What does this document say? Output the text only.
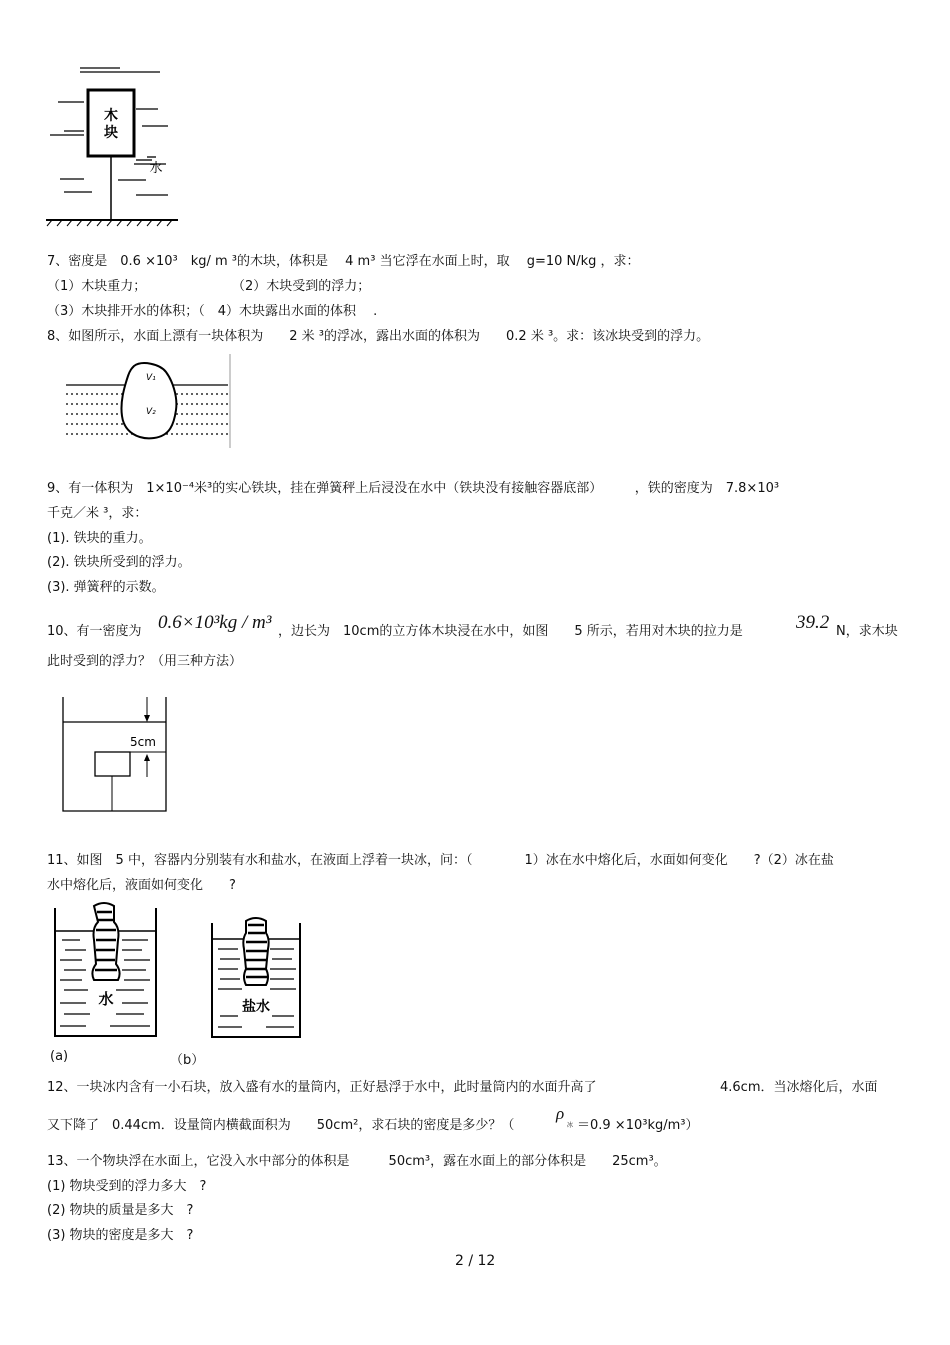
木
块
水
7、密度是　0.6 ×10³　kg/ m ³的木块，体积是　 4 m³ 当它浮在水面上时，取　 g=10 N/kg ，求：
（1）木块重力；	（2）木块受到的浮力；
（3）木块排开水的体积；（　4）木块露出水面的体积　 .
8、如图所示，水面上漂有一块体积为　　2 米 ³的浮冰，露出水面的体积为　　0.2 米 ³。求：该冰块受到的浮力。
V₁
V₂
9、有一体积为　1×10⁻⁴米³的实心铁块，挂在弹簧秤上后浸没在水中（铁块没有接触容器底部）　　　，铁的密度为　7.8×10³
千克／米 ³，求：
(1). 铁块的重力。
(2). 铁块所受到的浮力。
(3). 弹簧秤的示数。
10、有一密度为 0.6×10³kg / m³ ，边长为　10cm的立方体木块浸在水中，如图　　5 所示，若用对木块的拉力是	39.2 N，求木块
此时受到的浮力？（用三种方法）
5cm
11、如图　5 中，容器内分别装有水和盐水，在液面上浮着一块冰，问：（　　　　1）冰在水中熔化后，水面如何变化　　?（2）冰在盐
水中熔化后，液面如何变化　　?
水	盐水
(a)	（b）
12、一块冰内含有一小石块，放入盛有水的量筒内，正好悬浮于水中，此时量筒内的水面升高了	4.6cm．当冰熔化后，水面
又下降了　0.44cm．设量筒内横截面积为　　50cm²，求石块的密度是多少？（
ρ
冰 ＝0.9 ×10³kg/m³）
13、一个物块浮在水面上，它没入水中部分的体积是　　　50cm³，露在水面上的部分体积是　　25cm³。
(1) 物块受到的浮力多大　?
(2) 物块的质量是多大　?
(3) 物块的密度是多大　?
2 / 12
